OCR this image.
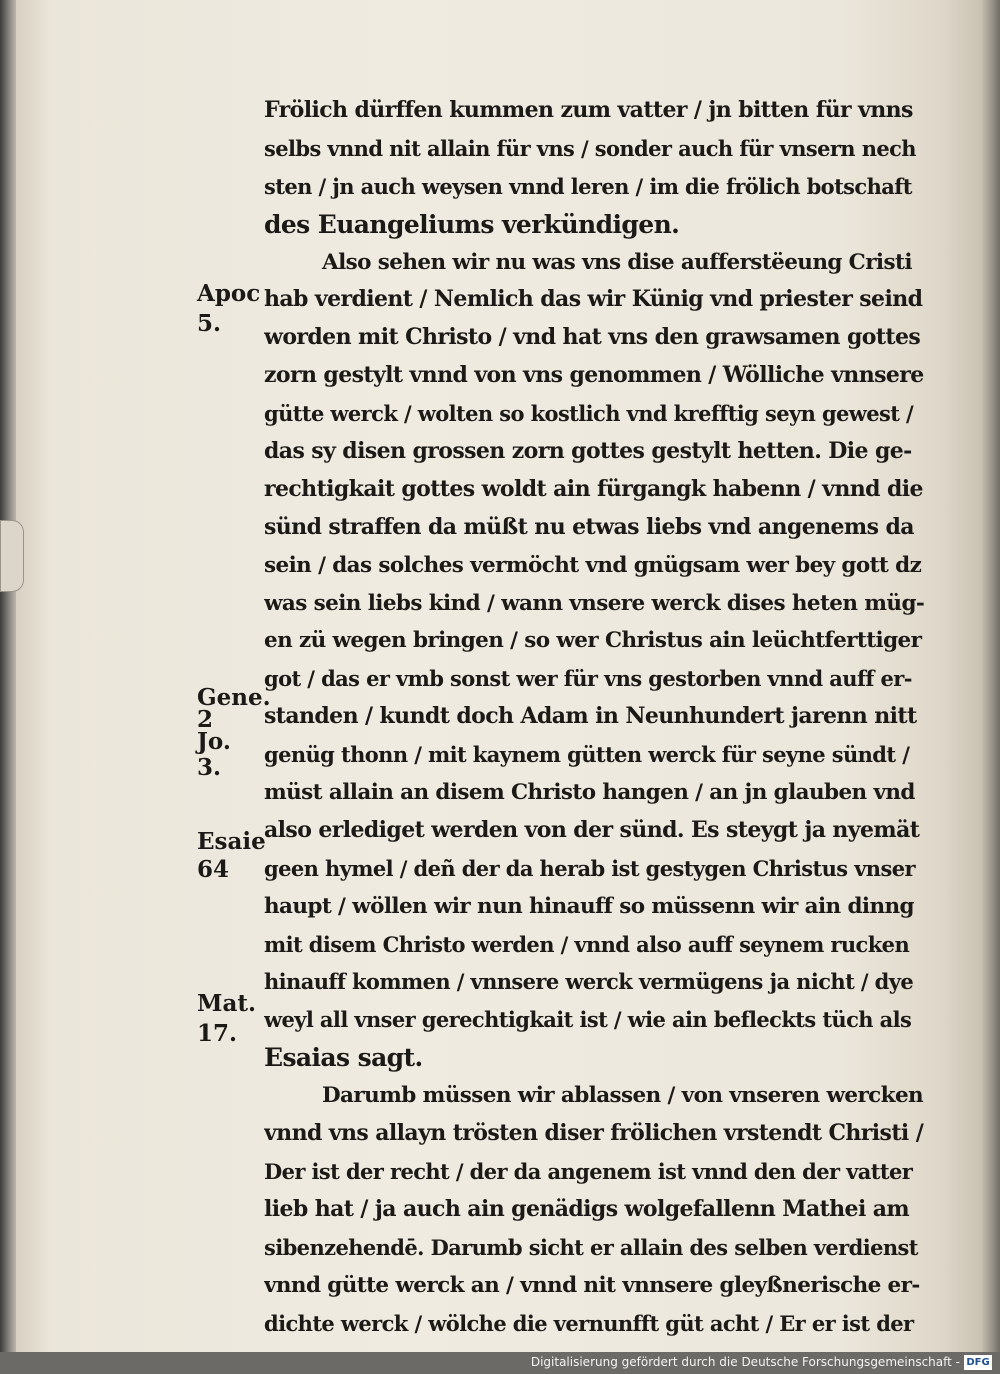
Apoc
5.
Gene.
2
Jo.
3.
Esaie
64
Mat.
17.
Frölich dürffen kummen zum vatter / jn bitten für vnns
selbs vnnd nit allain für vns / sonder auch für vnsern nech
sten / jn auch weysen vnnd leren / im die frölich botschaft
des Euangeliums verkündigen.
Also sehen wir nu was vns dise aufferstëeung Cristi
hab verdient / Nemlich das wir Künig vnd priester seind
worden mit Christo / vnd hat vns den grawsamen gottes
zorn gestylt vnnd von vns genommen / Wölliche vnnsere
gütte werck / wolten so kostlich vnd krefftig seyn gewest /
das sy disen grossen zorn gottes gestylt hetten. Die ge-
rechtigkait gottes woldt ain fürgangk habenn / vnnd die
sünd straffen da müßt nu etwas liebs vnd angenems da
sein / das solches vermöcht vnd gnügsam wer bey gott dz
was sein liebs kind / wann vnsere werck dises heten müg-
en zü wegen bringen / so wer Christus ain leüchtferttiger
got / das er vmb sonst wer für vns gestorben vnnd auff er-
standen / kundt doch Adam in Neunhundert jarenn nitt
genüg thonn / mit kaynem gütten werck für seyne sündt /
müst allain an disem Christo hangen / an jn glauben vnd
also erlediget werden von der sünd. Es steygt ja nyemät
geen hymel / deñ der da herab ist gestygen Christus vnser
haupt / wöllen wir nun hinauff so müssenn wir ain dinng
mit disem Christo werden / vnnd also auff seynem rucken
hinauff kommen / vnnsere werck vermügens ja nicht / dye
weyl all vnser gerechtigkait ist / wie ain befleckts tüch als
Esaias sagt.
Darumb müssen wir ablassen / von vnseren wercken
vnnd vns allayn trösten diser frölichen vrstendt Christi /
Der ist der recht / der da angenem ist vnnd den der vatter
lieb hat / ja auch ain genädigs wolgefallenn Mathei am
sibenzehendē. Darumb sicht er allain des selben verdienst
vnnd gütte werck an / vnnd nit vnnsere gleyßnerische er-
dichte werck / wölche die vernunfft güt acht / Er er ist der
Digitalisierung gefördert durch die Deutsche Forschungsgemeinschaft - DFG
